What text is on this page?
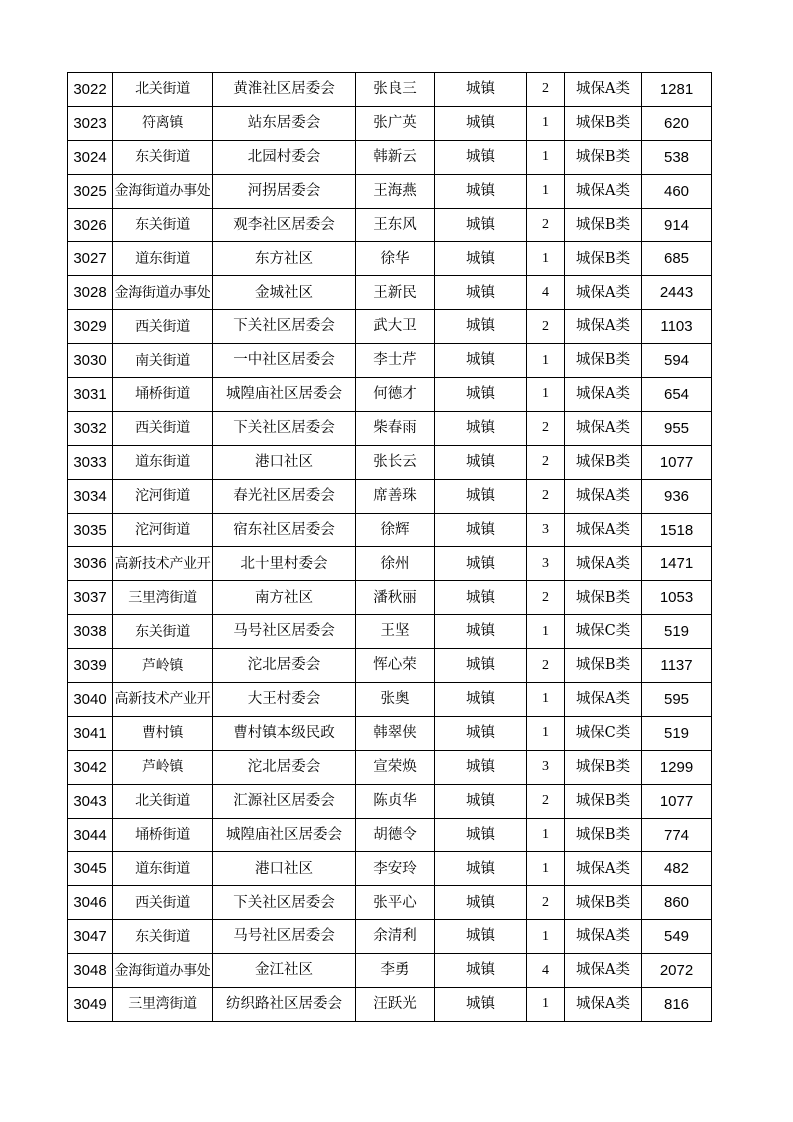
3022	北关街道	黄淮社区居委会	张良三	城镇	2	城保A类	1281
3023	符离镇	站东居委会	张广英	城镇	1	城保B类	620
3024	东关街道	北园村委会	韩新云	城镇	1	城保B类	538
3025	金海街道办事处	河拐居委会	王海燕	城镇	1	城保A类	460
3026	东关街道	观李社区居委会	王东风	城镇	2	城保B类	914
3027	道东街道	东方社区	徐华	城镇	1	城保B类	685
3028	金海街道办事处	金城社区	王新民	城镇	4	城保A类	2443
3029	西关街道	下关社区居委会	武大卫	城镇	2	城保A类	1103
3030	南关街道	一中社区居委会	李士芹	城镇	1	城保B类	594
3031	埇桥街道	城隍庙社区居委会	何德才	城镇	1	城保A类	654
3032	西关街道	下关社区居委会	柴春雨	城镇	2	城保A类	955
3033	道东街道	港口社区	张长云	城镇	2	城保B类	1077
3034	沱河街道	春光社区居委会	席善珠	城镇	2	城保A类	936
3035	沱河街道	宿东社区居委会	徐辉	城镇	3	城保A类	1518
3036	高新技术产业开	北十里村委会	徐州	城镇	3	城保A类	1471
3037	三里湾街道	南方社区	潘秋丽	城镇	2	城保B类	1053
3038	东关街道	马号社区居委会	王坚	城镇	1	城保C类	519
3039	芦岭镇	沱北居委会	恽心荣	城镇	2	城保B类	1137
3040	高新技术产业开	大王村委会	张奥	城镇	1	城保A类	595
3041	曹村镇	曹村镇本级民政	韩翠侠	城镇	1	城保C类	519
3042	芦岭镇	沱北居委会	宣荣焕	城镇	3	城保B类	1299
3043	北关街道	汇源社区居委会	陈贞华	城镇	2	城保B类	1077
3044	埇桥街道	城隍庙社区居委会	胡德令	城镇	1	城保B类	774
3045	道东街道	港口社区	李安玲	城镇	1	城保A类	482
3046	西关街道	下关社区居委会	张平心	城镇	2	城保B类	860
3047	东关街道	马号社区居委会	余清利	城镇	1	城保A类	549
3048	金海街道办事处	金江社区	李勇	城镇	4	城保A类	2072
3049	三里湾街道	纺织路社区居委会	汪跃光	城镇	1	城保A类	816
